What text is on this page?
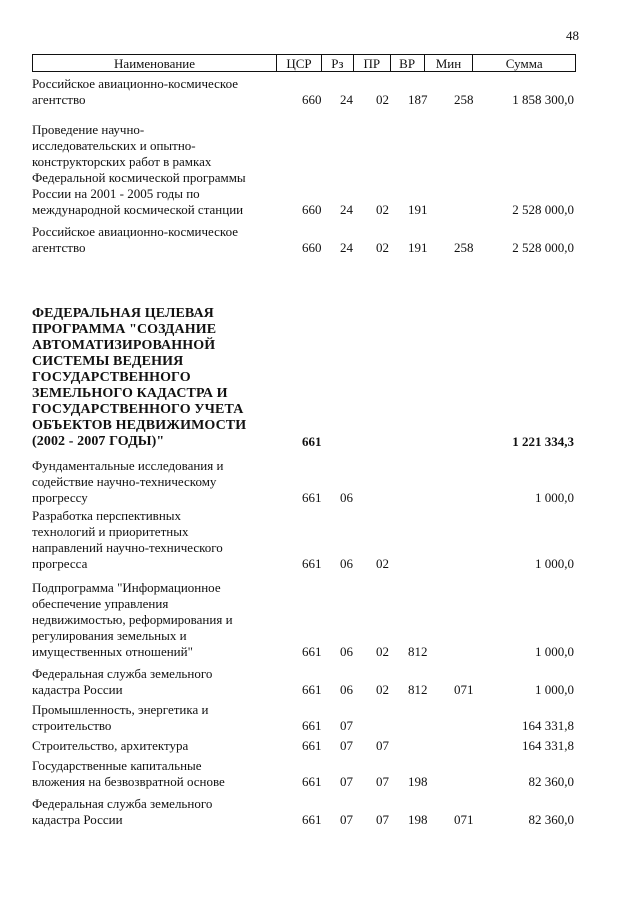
48
Наименование	ЦСР	Рз	ПР	ВР	Мин	Сумма
Российское авиационно-космическое
агентство	660 24 02 187 258	1 858 300,0
Проведение научно-
исследовательских и опытно-
конструкторских работ в рамках
Федеральной космической программы
России на 2001 - 2005 годы по
международной космической станции	660 24 02 191	2 528 000,0
Российское авиационно-космическое
агентство	660 24 02 191 258	2 528 000,0
ФЕДЕРАЛЬНАЯ ЦЕЛЕВАЯ
ПРОГРАММА "СОЗДАНИЕ
АВТОМАТИЗИРОВАННОЙ
СИСТЕМЫ ВЕДЕНИЯ
ГОСУДАРСТВЕННОГО
ЗЕМЕЛЬНОГО КАДАСТРА И
ГОСУДАРСТВЕННОГО УЧЕТА
ОБЪЕКТОВ НЕДВИЖИМОСТИ
(2002 - 2007 ГОДЫ)"	661	1 221 334,3
Фундаментальные исследования и
содействие научно-техническому
прогрессу	661 06	1 000,0
Разработка перспективных
технологий и приоритетных
направлений научно-технического
прогресса	661 06 02	1 000,0
Подпрограмма "Информационное
обеспечение управления
недвижимостью, реформирования и
регулирования земельных и
имущественных отношений"	661 06 02 812	1 000,0
Федеральная служба земельного
кадастра России	661 06 02 812 071	1 000,0
Промышленность, энергетика и
строительство	661 07	164 331,8
Строительство, архитектура	661 07 07	164 331,8
Государственные капитальные
вложения на безвозвратной основе	661 07 07 198	82 360,0
Федеральная служба земельного
кадастра России	661 07 07 198 071	82 360,0
